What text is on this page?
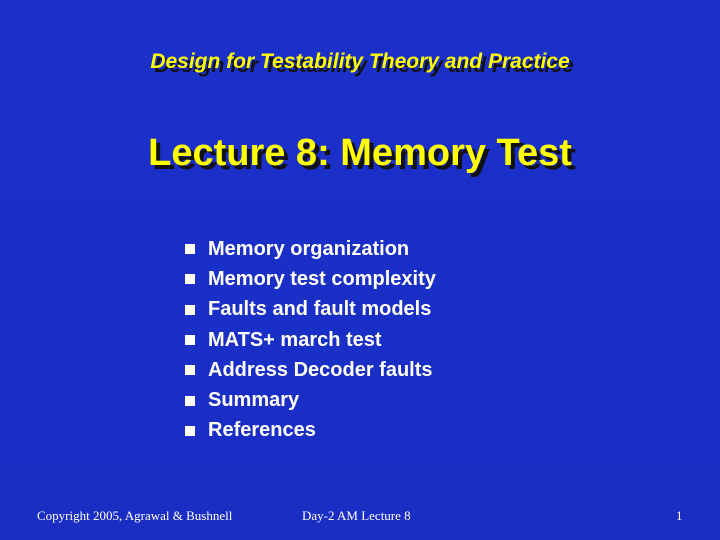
Design for Testability Theory and Practice
Lecture 8: Memory Test
Memory organization
Memory test complexity
Faults and fault models
MATS+ march test
Address Decoder faults
Summary
References
Copyright 2005, Agrawal & Bushnell	Day-2 AM Lecture 8	1
